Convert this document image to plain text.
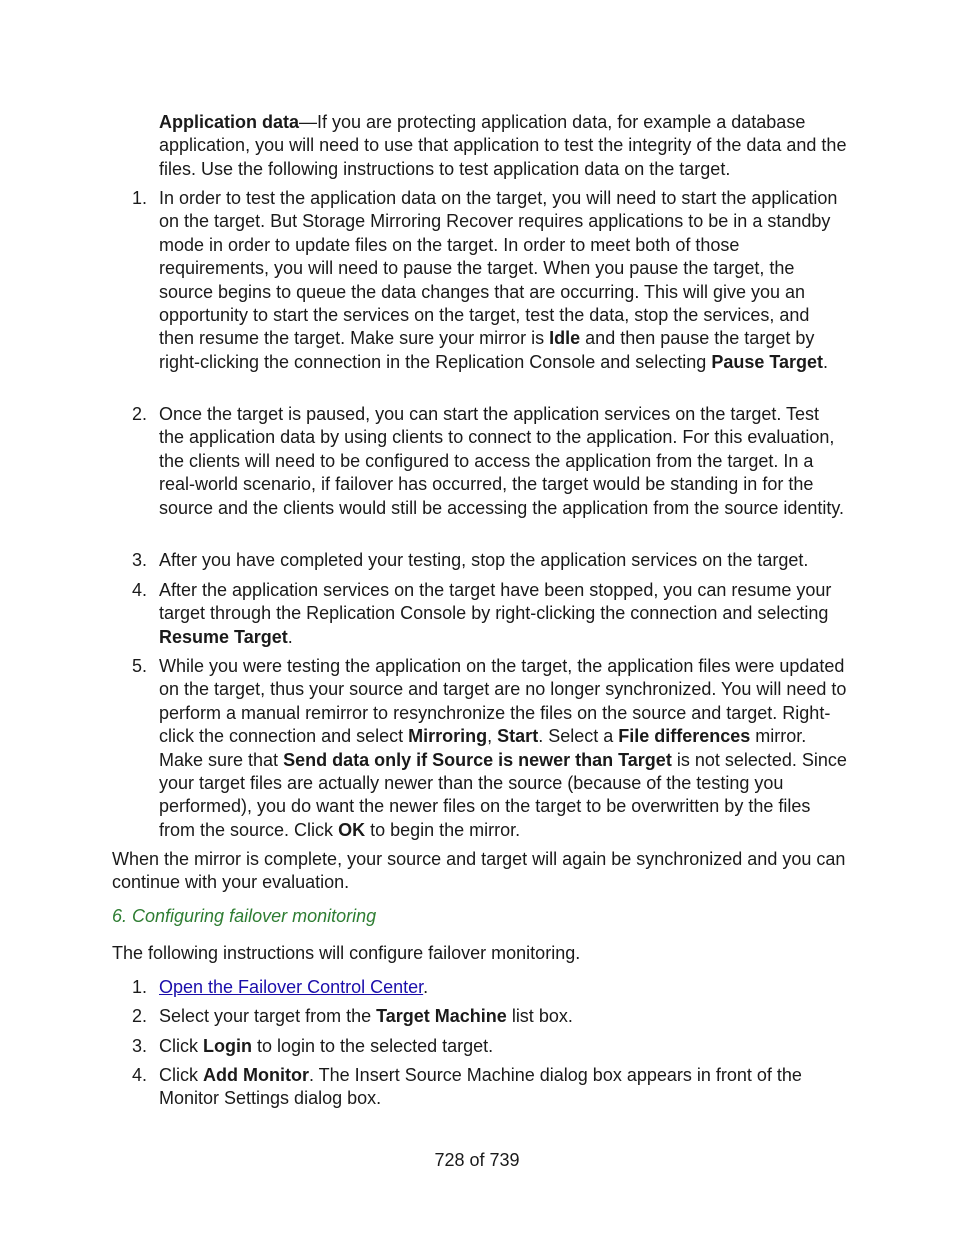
Application data—If you are protecting application data, for example a database application, you will need to use that application to test the integrity of the data and the files. Use the following instructions to test application data on the target.

1. In order to test the application data on the target, you will need to start the application on the target. But Storage Mirroring Recover requires applications to be in a standby mode in order to update files on the target. In order to meet both of those requirements, you will need to pause the target. When you pause the target, the source begins to queue the data changes that are occurring. This will give you an opportunity to start the services on the target, test the data, stop the services, and then resume the target. Make sure your mirror is Idle and then pause the target by right-clicking the connection in the Replication Console and selecting Pause Target.
2. Once the target is paused, you can start the application services on the target. Test the application data by using clients to connect to the application. For this evaluation, the clients will need to be configured to access the application from the target. In a real-world scenario, if failover has occurred, the target would be standing in for the source and the clients would still be accessing the application from the source identity.
3. After you have completed your testing, stop the application services on the target.
4. After the application services on the target have been stopped, you can resume your target through the Replication Console by right-clicking the connection and selecting Resume Target.
5. While you were testing the application on the target, the application files were updated on the target, thus your source and target are no longer synchronized. You will need to perform a manual remirror to resynchronize the files on the source and target. Right-click the connection and select Mirroring, Start. Select a File differences mirror. Make sure that Send data only if Source is newer than Target is not selected. Since your target files are actually newer than the source (because of the testing you performed), you do want the newer files on the target to be overwritten by the files from the source. Click OK to begin the mirror.

When the mirror is complete, your source and target will again be synchronized and you can continue with your evaluation.

6. Configuring failover monitoring

The following instructions will configure failover monitoring.

1. Open the Failover Control Center.
2. Select your target from the Target Machine list box.
3. Click Login to login to the selected target.
4. Click Add Monitor. The Insert Source Machine dialog box appears in front of the Monitor Settings dialog box.
728 of 739
